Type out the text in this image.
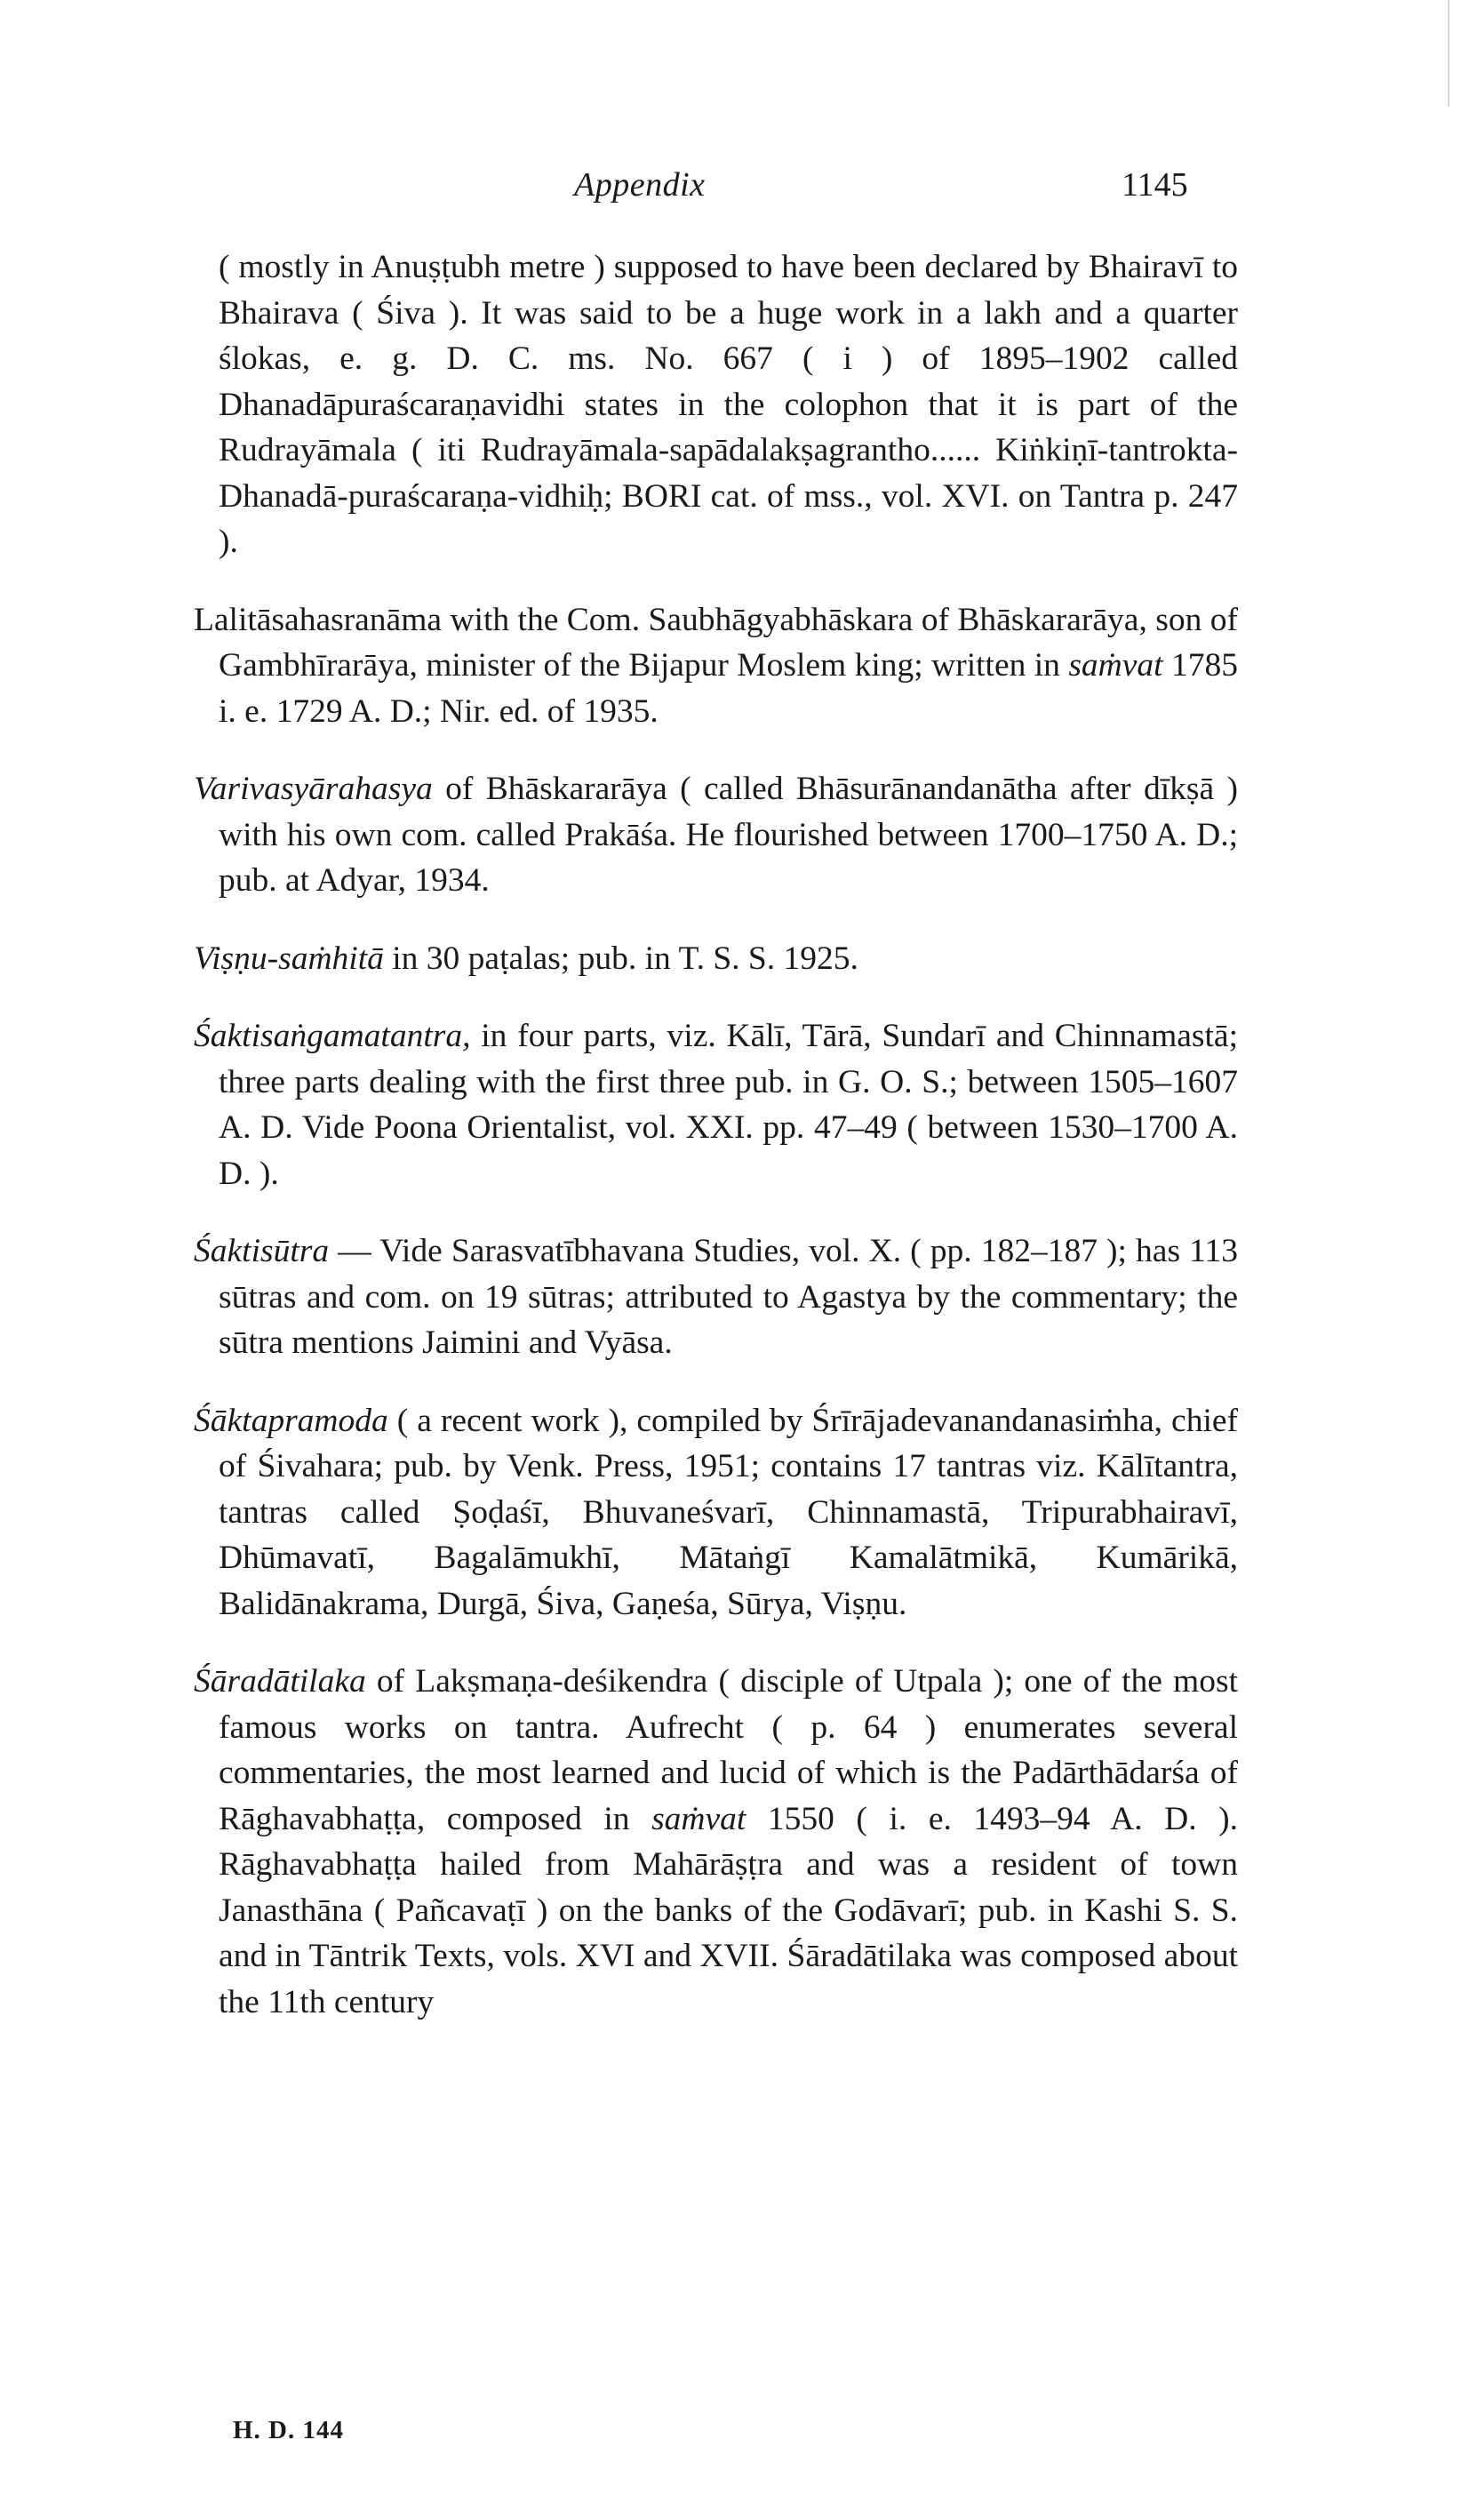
Appendix	1145

( mostly in Anuṣṭubh metre ) supposed to have been declared by Bhairavī to Bhairava ( Śiva ). It was said to be a huge work in a lakh and a quarter ślokas, e. g. D. C. ms. No. 667 ( i ) of 1895–1902 called Dhanadāpuraścaraṇavidhi states in the colophon that it is part of the Rudrayāmala ( iti Rudrayāmala-sapādalakṣagrantho...... Kiṅkiṇī-tantrokta-Dhanadā-puraścaraṇa-vidhiḥ; BORI cat. of mss., vol. XVI. on Tantra p. 247 ).

Lalitāsahasranāma with the Com. Saubhāgyabhāskara of Bhāskararāya, son of Gambhīrarāya, minister of the Bijapur Moslem king; written in saṁvat 1785 i. e. 1729 A. D.; Nir. ed. of 1935.

Varivasyārahasya of Bhāskararāya ( called Bhāsurānandanātha after dīkṣā ) with his own com. called Prakāśa. He flourished between 1700–1750 A. D.; pub. at Adyar, 1934.

Viṣṇu-saṁhitā in 30 paṭalas; pub. in T. S. S. 1925.

Śaktisaṅgamatantra, in four parts, viz. Kālī, Tārā, Sundarī and Chinnamastā; three parts dealing with the first three pub. in G. O. S.; between 1505–1607 A. D. Vide Poona Orientalist, vol. XXI. pp. 47–49 ( between 1530–1700 A. D. ).

Śaktisūtra — Vide Sarasvatībhavana Studies, vol. X. ( pp. 182–187 ); has 113 sūtras and com. on 19 sūtras; attributed to Agastya by the commentary; the sūtra mentions Jaimini and Vyāsa.

Śāktapramoda ( a recent work ), compiled by Śrīrājadevanandanasiṁha, chief of Śivahara; pub. by Venk. Press, 1951; contains 17 tantras viz. Kālītantra, tantras called Ṣoḍaśī, Bhuvaneśvarī, Chinnamastā, Tripurabhairavī, Dhūmavatī, Bagalāmukhī, Mātaṅgī Kamalātmikā, Kumārikā, Balidānakrama, Durgā, Śiva, Gaṇeśa, Sūrya, Viṣṇu.

Śāradātilaka of Lakṣmaṇa-deśikendra ( disciple of Utpala ); one of the most famous works on tantra. Aufrecht ( p. 64 ) enumerates several commentaries, the most learned and lucid of which is the Padārthādarśa of Rāghavabhaṭṭa, composed in saṁvat 1550 ( i. e. 1493–94 A. D. ). Rāghavabhaṭṭa hailed from Mahārāṣṭra and was a resident of town Janasthāna ( Pañcavaṭī ) on the banks of the Godāvarī; pub. in Kashi S. S. and in Tāntrik Texts, vols. XVI and XVII. Śāradātilaka was composed about the 11th century

H. D. 144
